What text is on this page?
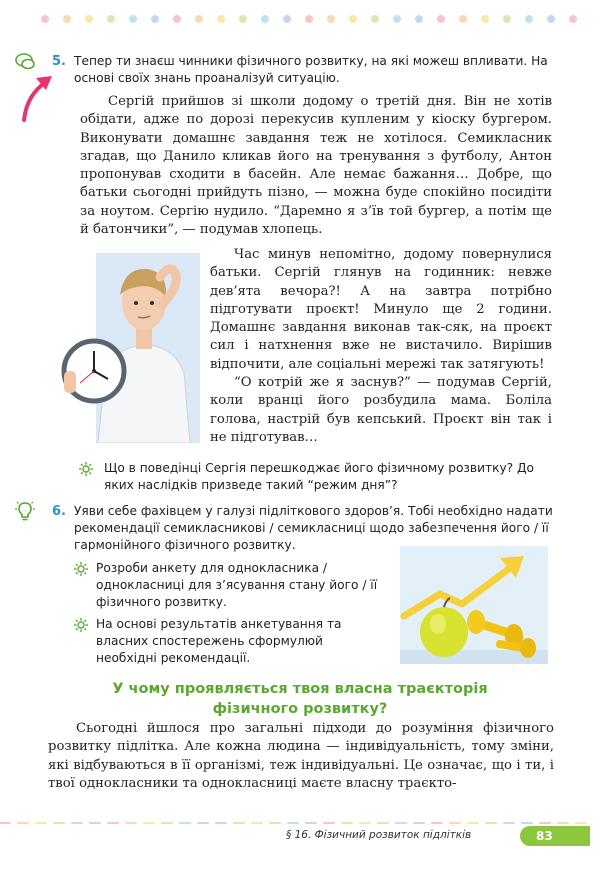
5. Тепер ти знаєш чинники фізичного розвитку, на які можеш впливати. На основі своїх знань проаналізуй ситуацію.

Сергій прийшов зі школи додому о третій дня. Він не хотів обідати, адже по дорозі перекусив купленим у кіоску бургером. Виконувати домашнє завдання теж не хотілося. Семикласник згадав, що Данило кликав його на тренування з футболу, Антон пропонував сходити в басейн. Але немає бажання… Добре, що батьки сьогодні прийдуть пізно, — можна буде спокійно посидіти за ноутом. Сергію нудило. “Даремно я з’їв той бургер, а потім ще й батончики”, — подумав хлопець.

Час минув непомітно, додому повернулися батьки. Сергій глянув на годинник: невже дев’ята вечора?! А на завтра потрібно підготувати проєкт! Минуло ще 2 години. Домашнє завдання виконав так-сяк, на проєкт сил і натхнення вже не вистачило. Вирішив відпочити, але соціальні мережі так затягують!

“О котрій же я заснув?” — подумав Сергій, коли вранці його розбудила мама. Боліла голова, настрій був кепський. Проєкт він так і не підготував…

Що в поведінці Сергія перешкоджає його фізичному розвитку? До яких наслідків призведе такий “режим дня”?
6. Уяви себе фахівцем у галузі підліткового здоров’я. Тобі необхідно надати рекомендації семикласникові / семикласниці щодо забезпечення його / її гармонійного фізичного розвитку.
Розроби анкету для однокласника / однокласниці для з’ясування стану його / її фізичного розвитку.
На основі результатів анкетування та власних спостережень сформулюй необхідні рекомендації.
У чому проявляється твоя власна траєкторія фізичного розвитку?

Сьогодні йшлося про загальні підходи до розуміння фізичного розвитку підлітка. Але кожна людина — індивідуальність, тому зміни, які відбуваються в її організмі, теж індивідуальні. Це означає, що і ти, і твої однокласники та однокласниці маєте власну траєкто-

§ 16. Фізичний розвиток підлітків	83
